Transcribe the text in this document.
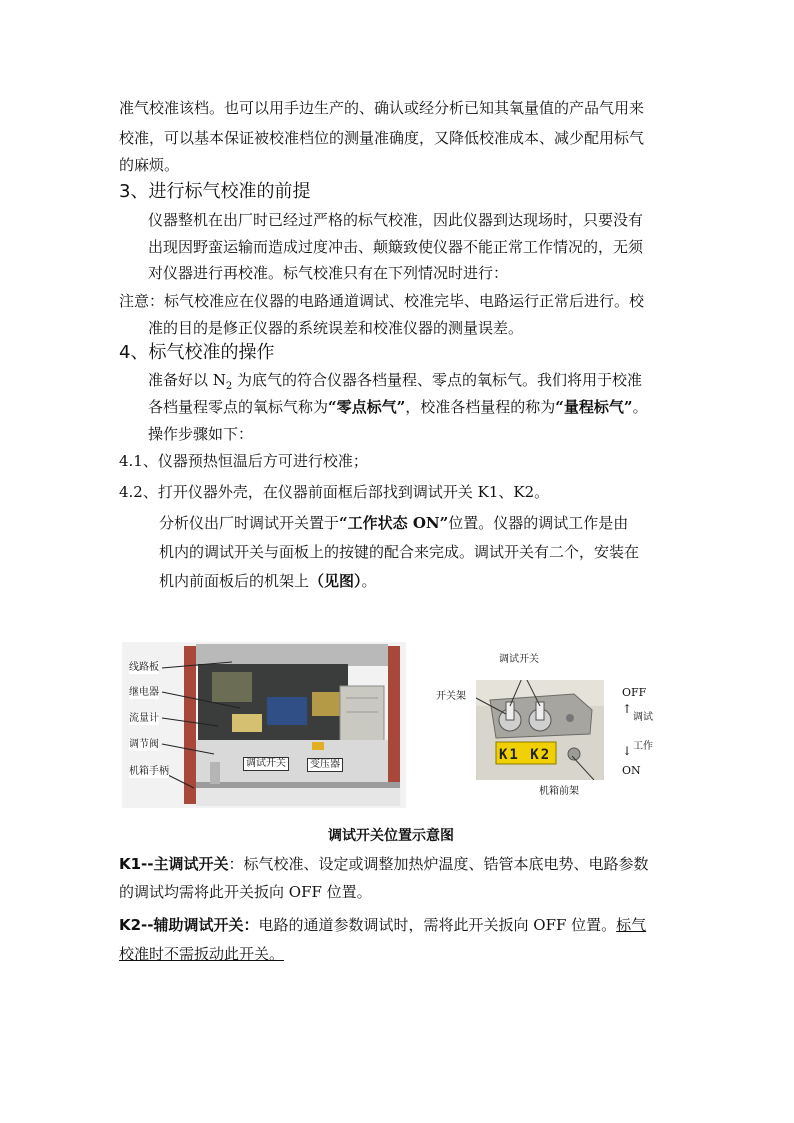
准气校准该档。也可以用手边生产的、确认或经分析已知其氧量值的产品气用来
校准，可以基本保证被校准档位的测量准确度，又降低校准成本、减少配用标气
的麻烦。
3、进行标气校准的前提
仪器整机在出厂时已经过严格的标气校准，因此仪器到达现场时，只要没有
出现因野蛮运输而造成过度冲击、颠簸致使仪器不能正常工作情况的，无须
对仪器进行再校准。标气校准只有在下列情况时进行：
注意：标气校准应在仪器的电路通道调试、校准完毕、电路运行正常后进行。校
准的目的是修正仪器的系统误差和校准仪器的测量误差。
4、标气校准的操作
准备好以 $N_2$ 为底气的符合仪器各档量程、零点的氧标气。我们将用于校准
各档量程零点的氧标气称为“零点标气”，校准各档量程的称为“量程标气”。
操作步骤如下：
4.1、仪器预热恒温后方可进行校准；
4.2、打开仪器外壳，在仪器前面框后部找到调试开关 K1、K2。
分析仪出厂时调试开关置于“工作状态 ON”位置。仪器的调试工作是由
机内的调试开关与面板上的按键的配合来完成。调试开关有二个，安装在
机内前面板后的机架上（见图）。
线路板
继电器
流量计
调节阀
机箱手柄
调试开关	变压器
K1 K2
调试开关
开关架
机箱前架
OFF
↑
调试
工作
↓
ON
调试开关位置示意图
K1--主调试开关：标气校准、设定或调整加热炉温度、锆管本底电势、电路参数
的调试均需将此开关扳向 OFF 位置。
K2--辅助调试开关：电路的通道参数调试时，需将此开关扳向 OFF 位置。标气
校准时不需扳动此开关。
